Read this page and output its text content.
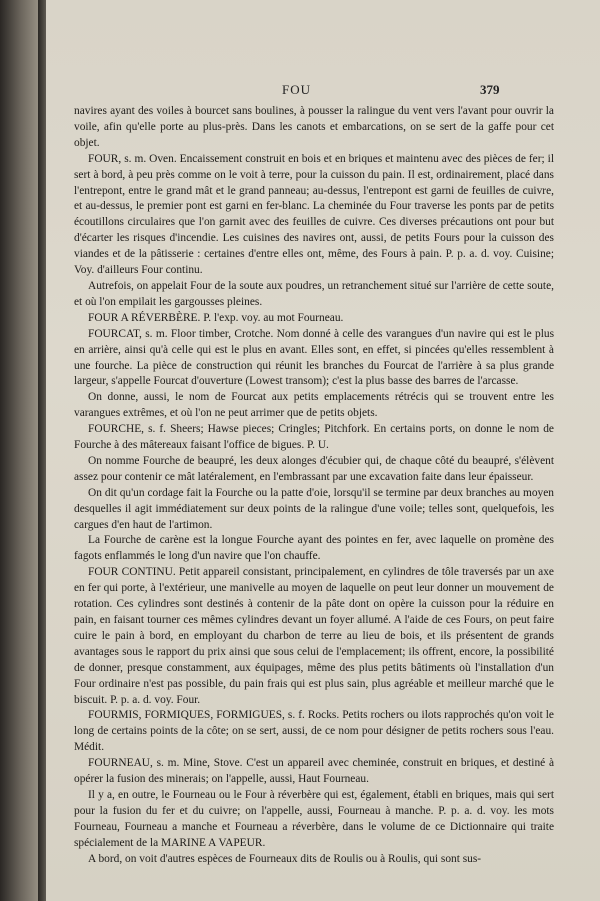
FOU	379

navires ayant des voiles à bourcet sans boulines, à pousser la ralingue du vent vers l'avant pour ouvrir la voile, afin qu'elle porte au plus-près. Dans les canots et embarcations, on se sert de la gaffe pour cet objet.

FOUR, s. m. Oven. Encaissement construit en bois et en briques et maintenu avec des pièces de fer; il sert à bord, à peu près comme on le voit à terre, pour la cuisson du pain. Il est, ordinairement, placé dans l'entrepont, entre le grand mât et le grand panneau; au-dessus, l'entrepont est garni de feuilles de cuivre, et au-dessus, le premier pont est garni en fer-blanc. La cheminée du Four traverse les ponts par de petits écoutillons circulaires que l'on garnit avec des feuilles de cuivre. Ces diverses précautions ont pour but d'écarter les risques d'incendie. Les cuisines des navires ont, aussi, de petits Fours pour la cuisson des viandes et de la pâtisserie : certaines d'entre elles ont, même, des Fours à pain. P. p. a. d. voy. Cuisine; Voy. d'ailleurs Four continu.

Autrefois, on appelait Four de la soute aux poudres, un retranchement situé sur l'arrière de cette soute, et où l'on empilait les gargousses pleines.

FOUR A RÉVERBÈRE. P. l'exp. voy. au mot Fourneau.

FOURCAT, s. m. Floor timber, Crotche. Nom donné à celle des varangues d'un navire qui est le plus en arrière, ainsi qu'à celle qui est le plus en avant. Elles sont, en effet, si pincées qu'elles ressemblent à une fourche. La pièce de construction qui réunit les branches du Fourcat de l'arrière à sa plus grande largeur, s'appelle Fourcat d'ouverture (Lowest transom); c'est la plus basse des barres de l'arcasse.

On donne, aussi, le nom de Fourcat aux petits emplacements rétrécis qui se trouvent entre les varangues extrêmes, et où l'on ne peut arrimer que de petits objets.

FOURCHE, s. f. Sheers; Hawse pieces; Cringles; Pitchfork. En certains ports, on donne le nom de Fourche à des mâtereaux faisant l'office de bigues. P. U.

On nomme Fourche de beaupré, les deux alonges d'écubier qui, de chaque côté du beaupré, s'élèvent assez pour contenir ce mât latéralement, en l'embrassant par une excavation faite dans leur épaisseur.

On dit qu'un cordage fait la Fourche ou la patte d'oie, lorsqu'il se termine par deux branches au moyen desquelles il agit immédiatement sur deux points de la ralingue d'une voile; telles sont, quelquefois, les cargues d'en haut de l'artimon.

La Fourche de carène est la longue Fourche ayant des pointes en fer, avec laquelle on promène des fagots enflammés le long d'un navire que l'on chauffe.

FOUR CONTINU. Petit appareil consistant, principalement, en cylindres de tôle traversés par un axe en fer qui porte, à l'extérieur, une manivelle au moyen de laquelle on peut leur donner un mouvement de rotation. Ces cylindres sont destinés à contenir de la pâte dont on opère la cuisson pour la réduire en pain, en faisant tourner ces mêmes cylindres devant un foyer allumé. A l'aide de ces Fours, on peut faire cuire le pain à bord, en employant du charbon de terre au lieu de bois, et ils présentent de grands avantages sous le rapport du prix ainsi que sous celui de l'emplacement; ils offrent, encore, la possibilité de donner, presque constamment, aux équipages, même des plus petits bâtiments où l'installation d'un Four ordinaire n'est pas possible, du pain frais qui est plus sain, plus agréable et meilleur marché que le biscuit. P. p. a. d. voy. Four.

FOURMIS, FORMIQUES, FORMIGUES, s. f. Rocks. Petits rochers ou ilots rapprochés qu'on voit le long de certains points de la côte; on se sert, aussi, de ce nom pour désigner de petits rochers sous l'eau. Médit.

FOURNEAU, s. m. Mine, Stove. C'est un appareil avec cheminée, construit en briques, et destiné à opérer la fusion des minerais; on l'appelle, aussi, Haut Fourneau.

Il y a, en outre, le Fourneau ou le Four à réverbère qui est, également, établi en briques, mais qui sert pour la fusion du fer et du cuivre; on l'appelle, aussi, Fourneau à manche. P. p. a. d. voy. les mots Fourneau, Fourneau a manche et Fourneau a réverbère, dans le volume de ce Dictionnaire qui traite spécialement de la MARINE A VAPEUR.

A bord, on voit d'autres espèces de Fourneaux dits de Roulis ou à Roulis, qui sont sus-
